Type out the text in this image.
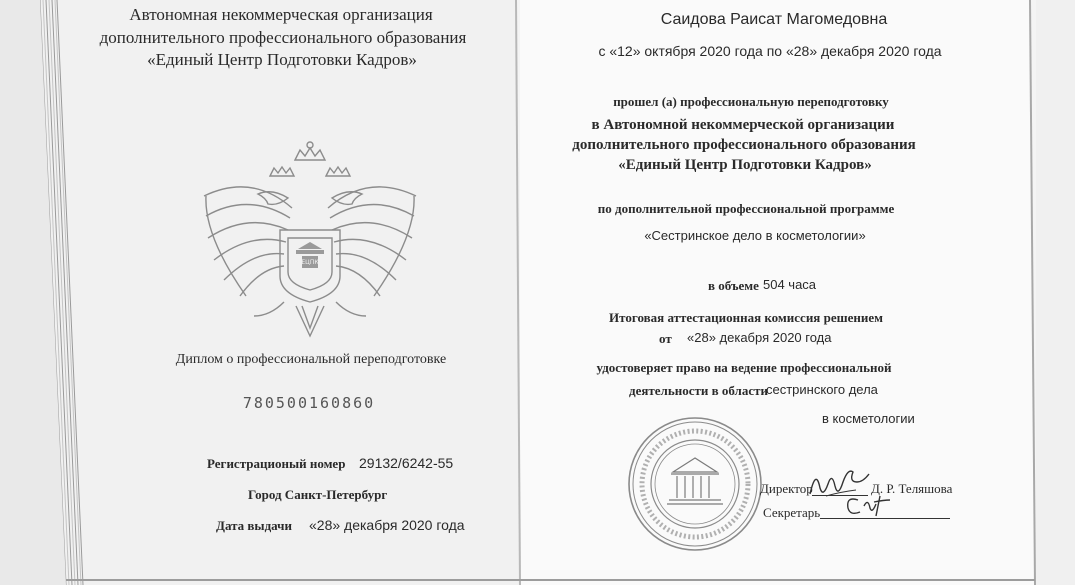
Автономная некоммерческая организация
дополнительного профессионального образования
«Единый Центр Подготовки Кадров»
ЕЦПК
Диплом о профессиональной переподготовке
780500160860
Регистрационый номер 29132/6242-55
Город Санкт-Петербург
Дата выдачи «28» декабря 2020 года
Саидова Раисат Магомедовна
с «12» октября 2020 года по «28» декабря 2020 года
прошел (а) профессиональную переподготовку
в Автономной некоммерческой организации
дополнительного профессионального образования
«Единый Центр Подготовки Кадров»
по дополнительной профессиональной программе
«Сестринское дело в косметологии»
в объеме 504 часа
Итоговая аттестационная комиссия решением
от «28» декабря 2020 года
удостоверяет право на ведение профессиональной
деятельности в области
сестринского дела
в косметологии
Директор	Д. Р. Теляшова
Секретарь
